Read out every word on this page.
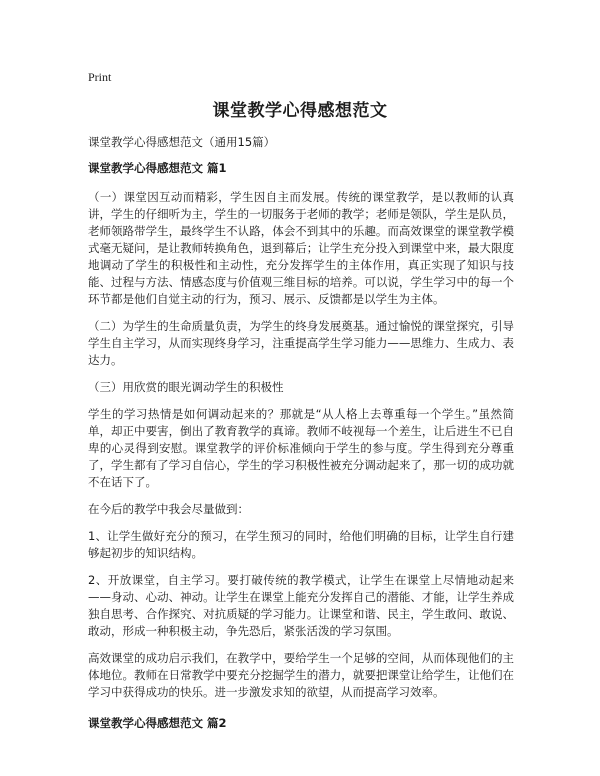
Print
课堂教学心得感想范文
课堂教学心得感想范文（通用15篇）
课堂教学心得感想范文 篇1

（一）课堂因互动而精彩，学生因自主而发展。传统的课堂教学，是以教师的认真讲，学生的仔细听为主，学生的一切服务于老师的教学；老师是领队，学生是队员，老师领路带学生，最终学生不认路，体会不到其中的乐趣。而高效课堂的课堂教学模式毫无疑问，是让教师转换角色，退到幕后；让学生充分投入到课堂中来，最大限度地调动了学生的积极性和主动性，充分发挥学生的主体作用，真正实现了知识与技能、过程与方法、情感态度与价值观三维目标的培养。可以说，学生学习中的每一个环节都是他们自觉主动的行为，预习、展示、反馈都是以学生为主体。

（二）为学生的生命质量负责，为学生的终身发展奠基。通过愉悦的课堂探究，引导学生自主学习，从而实现终身学习，注重提高学生学习能力——思维力、生成力、表达力。

（三）用欣赏的眼光调动学生的积极性

学生的学习热情是如何调动起来的？那就是“从人格上去尊重每一个学生。”虽然简单，却正中要害，倒出了教育教学的真谛。教师不岐视每一个差生，让后进生不已自卑的心灵得到安慰。课堂教学的评价标准倾向于学生的参与度。学生得到充分尊重了，学生都有了学习自信心，学生的学习积极性被充分调动起来了，那一切的成功就不在话下了。

在今后的教学中我会尽量做到：

1、让学生做好充分的预习，在学生预习的同时，给他们明确的目标，让学生自行建够起初步的知识结构。

2、开放课堂，自主学习。要打破传统的教学模式，让学生在课堂上尽情地动起来——身动、心动、神动。让学生在课堂上能充分发挥自己的潜能、才能，让学生养成独自思考、合作探究、对抗质疑的学习能力。让课堂和谐、民主，学生敢问、敢说、敢动，形成一种积极主动，争先恐后，紧张活泼的学习氛围。

高效课堂的成功启示我们，在教学中，要给学生一个足够的空间，从而体现他们的主体地位。教师在日常教学中要充分挖掘学生的潜力，就要把课堂让给学生，让他们在学习中获得成功的快乐。进一步激发求知的欲望，从而提高学习效率。

课堂教学心得感想范文 篇2
